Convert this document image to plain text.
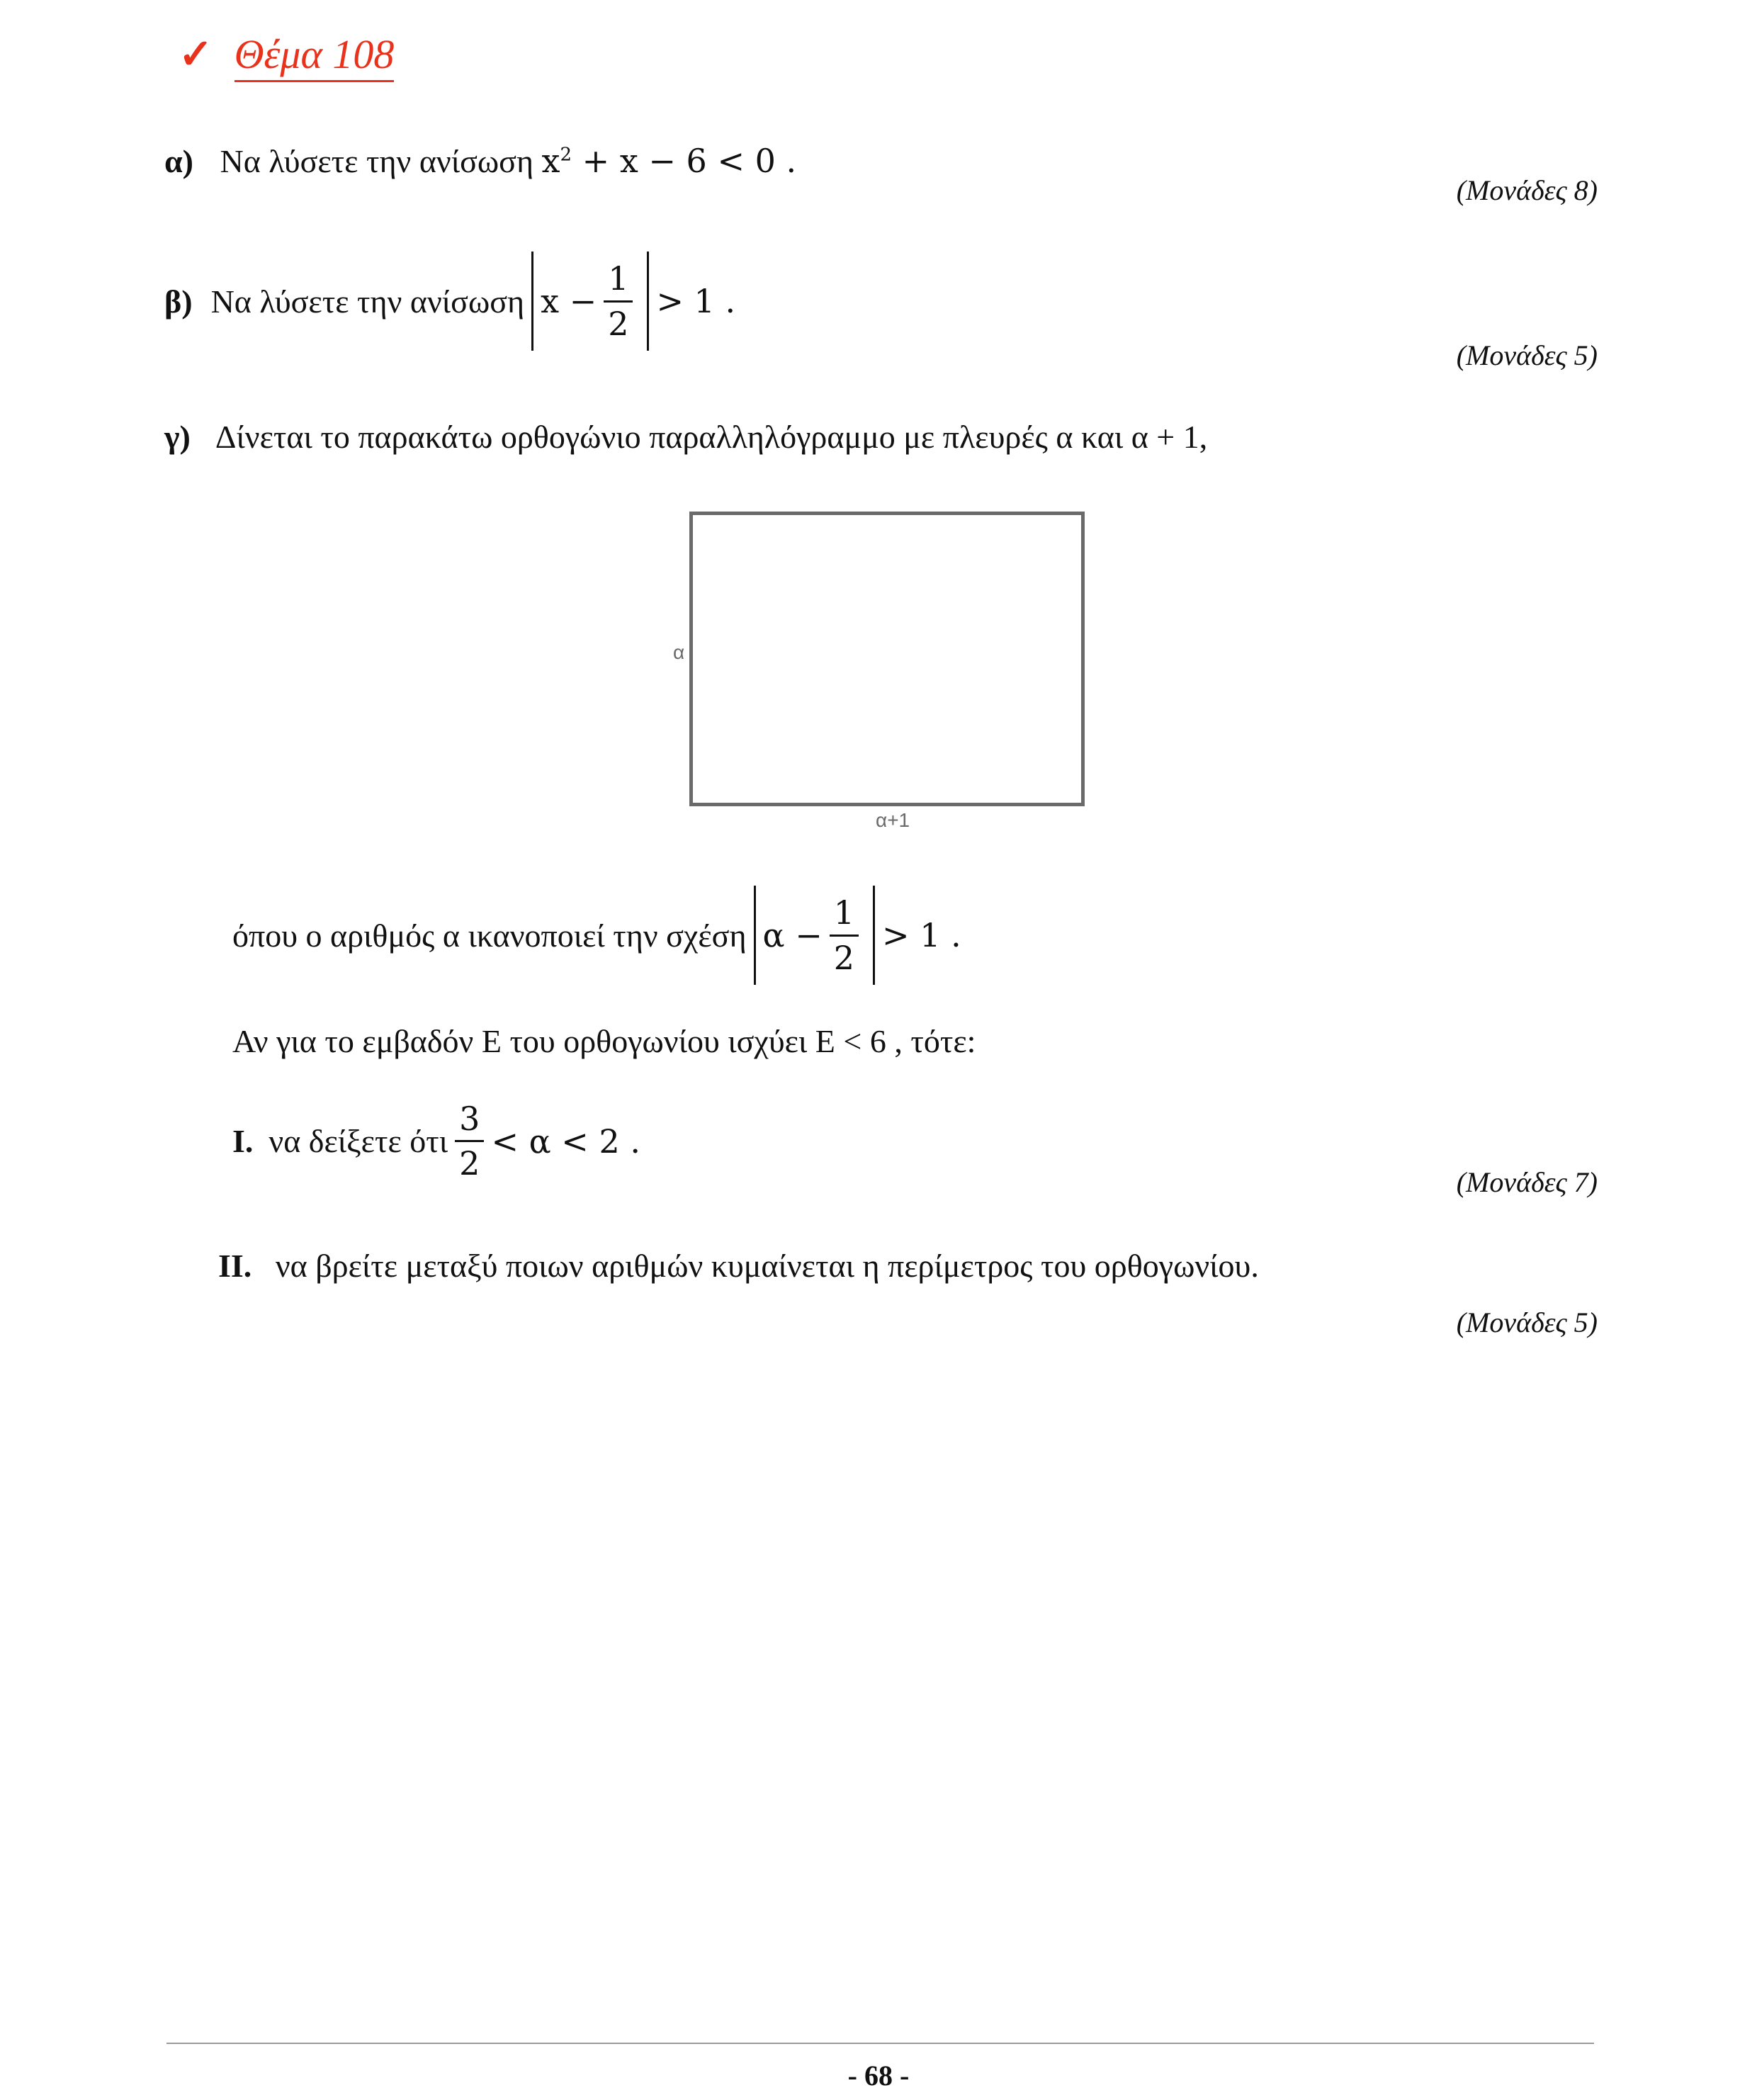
✓ Θέμα 108
α) Να λύσετε την ανίσωση $x^2 + x - 6 < 0$ .
(Μονάδες 8)
β) Να λύσετε την ανίσωση $x - \frac{1}{2} > 1$ .
(Μονάδες 5)
γ) Δίνεται το παρακάτω ορθογώνιο παραλληλόγραμμο με πλευρές α και α + 1,
α
α+1
όπου ο αριθμός α ικανοποιεί την σχέση $\alpha - \frac{1}{2} > 1$ .
Αν για το εμβαδόν Ε του ορθογωνίου ισχύει Ε < 6 , τότε:
Ι. να δείξετε ότι $\frac{3}{2} < \alpha < 2$ .
(Μονάδες 7)
ΙΙ. να βρείτε μεταξύ ποιων αριθμών κυμαίνεται η περίμετρος του ορθογωνίου.
(Μονάδες 5)
- 68 -
